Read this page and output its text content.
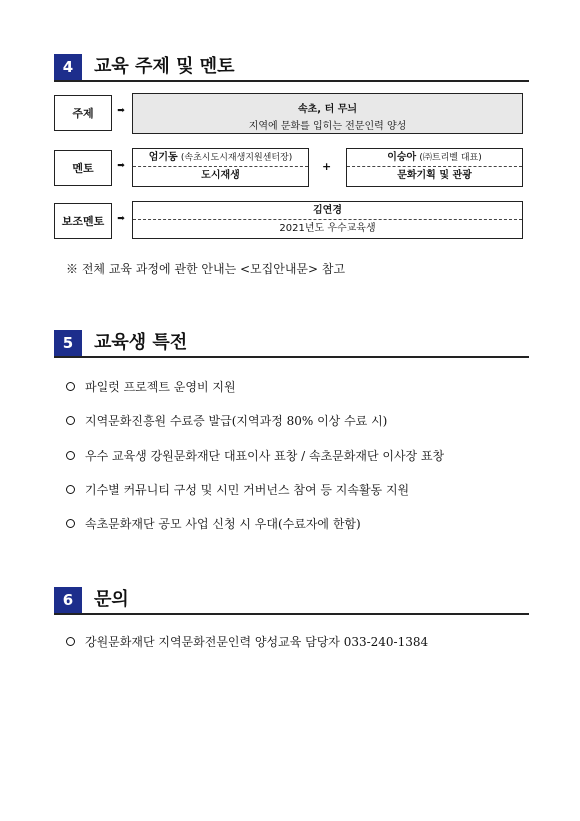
4	교육 주제 및 멘토
주제	➡	속초, 터 무늬
지역에 문화를 입히는 전문인력 양성
멘토	➡
엄기동 (속초시도시재생지원센터장)
도시재생
+
이승아 (㈜트리벨 대표)
문화기획 및 관광
보조멘토	➡
김연경
2021년도 우수교육생
※ 전체 교육 과정에 관한 안내는 <모집안내문> 참고
5	교육생 특전
파일럿 프로젝트 운영비 지원
지역문화진흥원 수료증 발급(지역과정 80% 이상 수료 시)
우수 교육생 강원문화재단 대표이사 표창 / 속초문화재단 이사장 표창
기수별 커뮤니티 구성 및 시민 거버넌스 참여 등 지속활동 지원
속초문화재단 공모 사업 신청 시 우대(수료자에 한함)
6	문의
강원문화재단 지역문화전문인력 양성교육 담당자 033-240-1384
